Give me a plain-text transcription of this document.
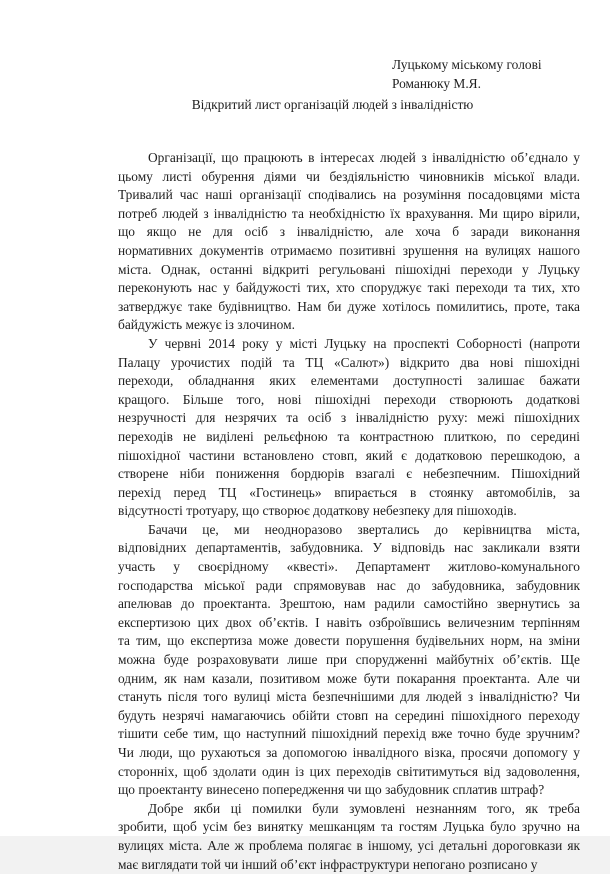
Луцькому міському голові
Романюку М.Я.
Відкритий лист організацій людей з інвалідністю
Організації, що працюють в інтересах людей з інвалідністю об’єднало у
цьому листі обурення діями чи бездіяльністю чиновників міської влади.
Тривалий час наші організації сподівались на розуміння посадовцями міста
потреб людей з інвалідністю та необхідністю їх врахування. Ми щиро вірили,
що якщо не для осіб з інвалідністю, але хоча б заради виконання
нормативних документів отримаємо позитивні зрушення на вулицях нашого
міста. Однак, останні відкриті регульовані пішохідні переходи у Луцьку
переконують нас у байдужості тих, хто споруджує такі переходи та тих, хто
затверджує таке будівництво. Нам би дуже хотілось помилитись, проте, така
байдужість межує із злочином.
У червні 2014 року у місті Луцьку на проспекті Соборності (напроти
Палацу урочистих подій та ТЦ «Салют») відкрито два нові пішохідні
переходи, обладнання яких елементами доступності залишає бажати
кращого. Більше того, нові пішохідні переходи створюють додаткові
незручності для незрячих та осіб з інвалідністю руху: межі пішохідних
переходів не виділені рельєфною та контрастною плиткою, по середині
пішохідної частини встановлено стовп, який є додатковою перешкодою, а
створене ніби пониження бордюрів взагалі є небезпечним. Пішохідний
перехід перед ТЦ «Гостинець» впирається в стоянку автомобілів, за
відсутності тротуару, що створює додаткову небезпеку для пішоходів.
Бачачи це, ми неодноразово звертались до керівництва міста,
відповідних департаментів, забудовника. У відповідь нас закликали взяти
участь у своєрідному «квесті». Департамент житлово-комунального
господарства міської ради спрямовував нас до забудовника, забудовник
апелював до проектанта. Зрештою, нам радили самостійно звернутись за
експертизою цих двох об’єктів. І навіть озброївшись величезним терпінням
та тим, що експертиза може довести порушення будівельних норм, на зміни
можна буде розраховувати лише при спорудженні майбутніх об’єктів. Ще
одним, як нам казали, позитивом може бути покарання проектанта. Але чи
стануть після того вулиці міста безпечнішими для людей з інвалідністю? Чи
будуть незрячі намагаючись обійти стовп на середині пішохідного переходу
тішити себе тим, що наступний пішохідний перехід вже точно буде зручним?
Чи люди, що рухаються за допомогою інвалідного візка, просячи допомогу у
сторонніх, щоб здолати один із цих переходів світитимуться від задоволення,
що проектанту винесено попередження чи що забудовник сплатив штраф?
Добре якби ці помилки були зумовлені незнанням того, як треба
зробити, щоб усім без винятку мешканцям та гостям Луцька було зручно на
вулицях міста. Але ж проблема полягає в іншому, усі детальні дороговкази як
має виглядати той чи інший об’єкт інфраструктури непогано розписано у
